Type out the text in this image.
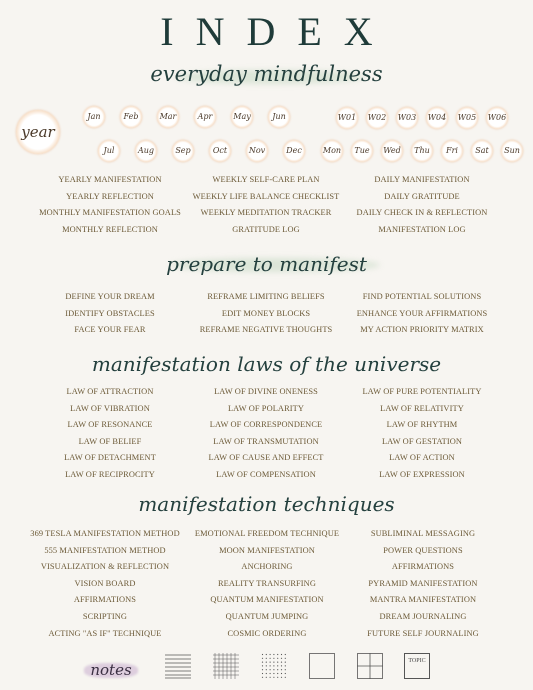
INDEX
everyday mindfulness
year
Jan	Feb	Mar	Apr	May	Jun
Jul	Aug	Sep	Oct	Nov	Dec
W01 W02 W03 W04 W05 W06
Mon	Tue	Wed	Thu	Fri	Sat	Sun
YEARLY MANIFESTATION
YEARLY REFLECTION
MONTHLY MANIFESTATION GOALS
MONTHLY REFLECTION
WEEKLY SELF-CARE PLAN
WEEKLY LIFE BALANCE CHECKLIST
WEEKLY MEDITATION TRACKER
GRATITUDE LOG
DAILY MANIFESTATION
DAILY GRATITUDE
DAILY CHECK IN & REFLECTION
MANIFESTATION LOG
prepare to manifest
DEFINE YOUR DREAM
IDENTIFY OBSTACLES
FACE YOUR FEAR
REFRAME LIMITING BELIEFS
EDIT MONEY BLOCKS
REFRAME NEGATIVE THOUGHTS
FIND POTENTIAL SOLUTIONS
ENHANCE YOUR AFFIRMATIONS
MY ACTION PRIORITY MATRIX
manifestation laws of the universe
LAW OF ATTRACTION
LAW OF VIBRATION
LAW OF RESONANCE
LAW OF BELIEF
LAW OF DETACHMENT
LAW OF RECIPROCITY
LAW OF DIVINE ONENESS
LAW OF POLARITY
LAW OF CORRESPONDENCE
LAW OF TRANSMUTATION
LAW OF CAUSE AND EFFECT
LAW OF COMPENSATION
LAW OF PURE POTENTIALITY
LAW OF RELATIVITY
LAW OF RHYTHM
LAW OF GESTATION
LAW OF ACTION
LAW OF EXPRESSION
manifestation techniques
369 TESLA MANIFESTATION METHOD
555 MANIFESTATION METHOD
VISUALIZATION & REFLECTION
VISION BOARD
AFFIRMATIONS
SCRIPTING
ACTING "AS IF" TECHNIQUE
EMOTIONAL FREEDOM TECHNIQUE
MOON MANIFESTATION
ANCHORING
REALITY TRANSURFING
QUANTUM MANIFESTATION
QUANTUM JUMPING
COSMIC ORDERING
SUBLIMINAL MESSAGING
POWER QUESTIONS
AFFIRMATIONS
PYRAMID MANIFESTATION
MANTRA MANIFESTATION
DREAM JOURNALING
FUTURE SELF JOURNALING
notes	TOPIC
